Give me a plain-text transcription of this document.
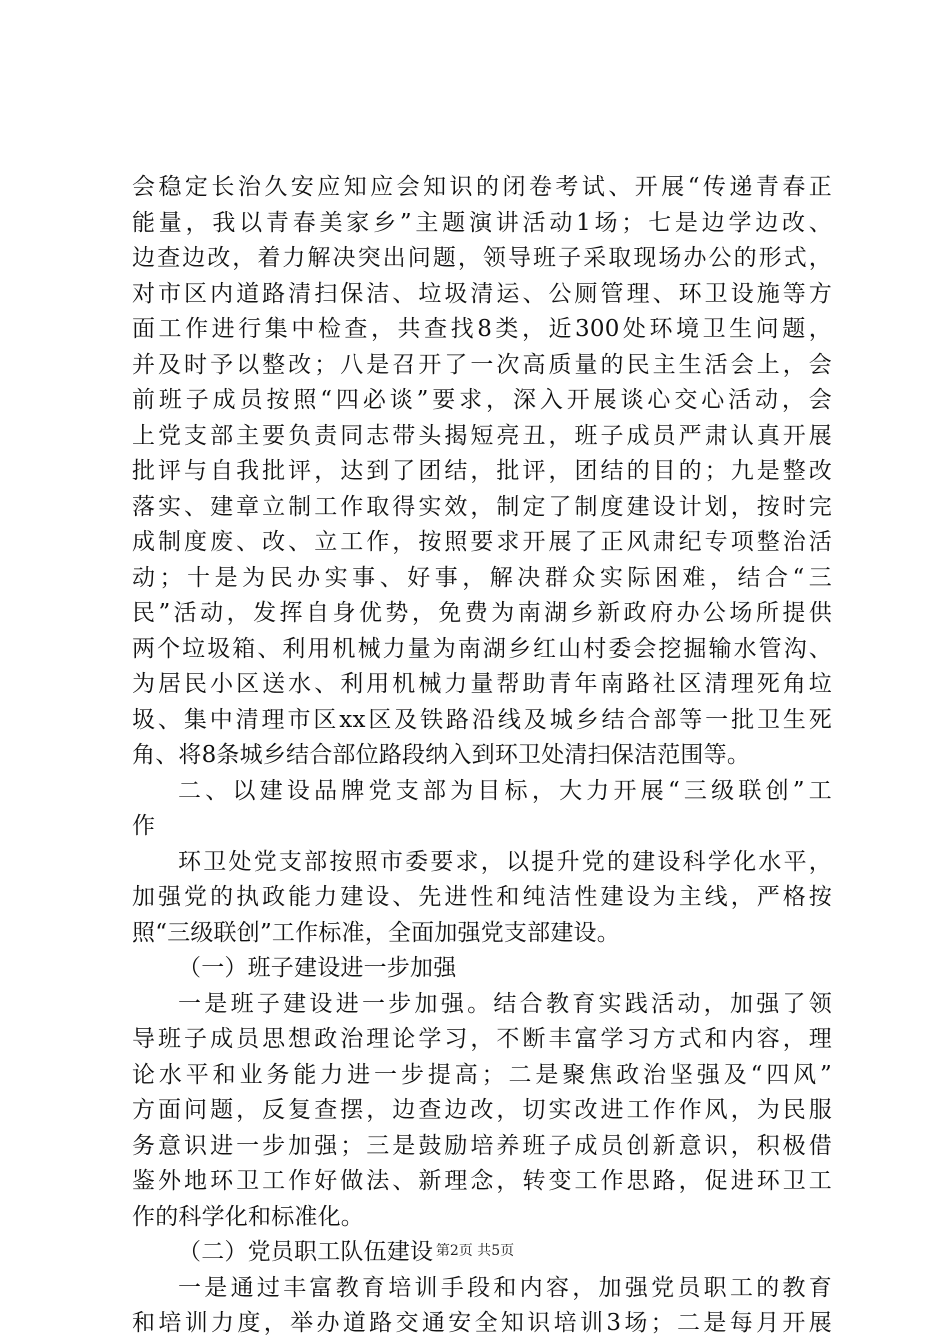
会稳定长治久安应知应会知识的闭卷考试、开展“传递青春正
能量，我以青春美家乡”主题演讲活动1场；七是边学边改、
边查边改，着力解决突出问题，领导班子采取现场办公的形式，
对市区内道路清扫保洁、垃圾清运、公厕管理、环卫设施等方
面工作进行集中检查，共查找8类，近300处环境卫生问题，
并及时予以整改；八是召开了一次高质量的民主生活会上，会
前班子成员按照“四必谈”要求，深入开展谈心交心活动，会
上党支部主要负责同志带头揭短亮丑，班子成员严肃认真开展
批评与自我批评，达到了团结，批评，团结的目的；九是整改
落实、建章立制工作取得实效，制定了制度建设计划，按时完
成制度废、改、立工作，按照要求开展了正风肃纪专项整治活
动；十是为民办实事、好事，解决群众实际困难，结合“三
民”活动，发挥自身优势，免费为南湖乡新政府办公场所提供
两个垃圾箱、利用机械力量为南湖乡红山村委会挖掘输水管沟、
为居民小区送水、利用机械力量帮助青年南路社区清理死角垃
圾、集中清理市区xx区及铁路沿线及城乡结合部等一批卫生死
角、将8条城乡结合部位路段纳入到环卫处清扫保洁范围等。
二、以建设品牌党支部为目标，大力开展“三级联创”工
作
环卫处党支部按照市委要求，以提升党的建设科学化水平，
加强党的执政能力建设、先进性和纯洁性建设为主线，严格按
照“三级联创”工作标准，全面加强党支部建设。
（一）班子建设进一步加强
一是班子建设进一步加强。结合教育实践活动，加强了领
导班子成员思想政治理论学习，不断丰富学习方式和内容，理
论水平和业务能力进一步提高；二是聚焦政治坚强及“四风”
方面问题，反复查摆，边查边改，切实改进工作作风，为民服
务意识进一步加强；三是鼓励培养班子成员创新意识，积极借
鉴外地环卫工作好做法、新理念，转变工作思路，促进环卫工
作的科学化和标准化。
（二）党员职工队伍建设
一是通过丰富教育培训手段和内容，加强党员职工的教育
和培训力度，举办道路交通安全知识培训3场；二是每月开展
第2页 共5页
